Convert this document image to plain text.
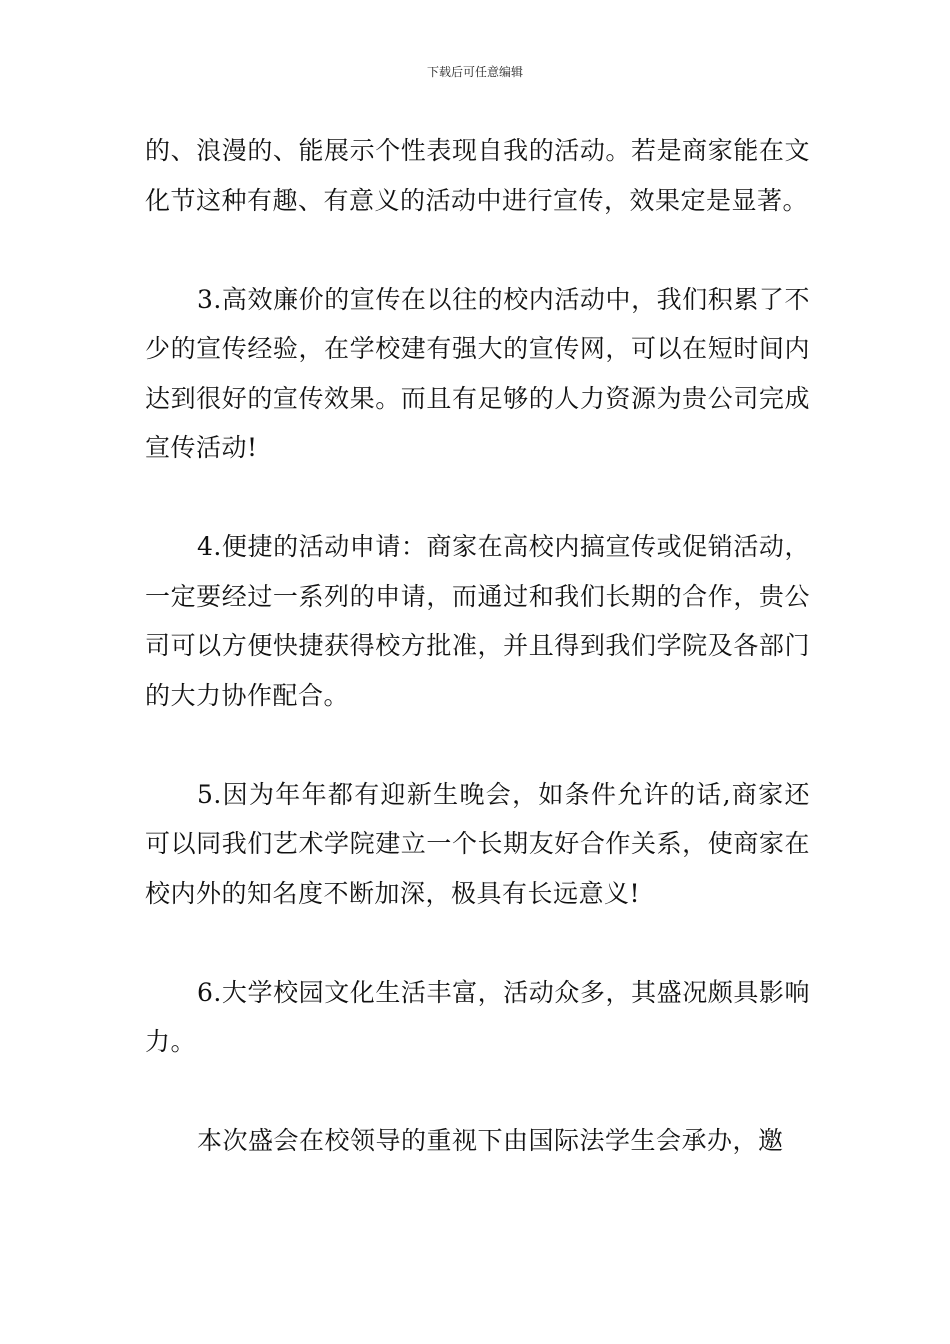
下载后可任意编辑

的、浪漫的、能展示个性表现自我的活动。若是商家能在文化节这种有趣、有意义的活动中进行宣传，效果定是显著。

3.高效廉价的宣传在以往的校内活动中，我们积累了不少的宣传经验，在学校建有强大的宣传网，可以在短时间内达到很好的宣传效果。而且有足够的人力资源为贵公司完成宣传活动!

4.便捷的活动申请：商家在高校内搞宣传或促销活动，一定要经过一系列的申请，而通过和我们长期的合作，贵公司可以方便快捷获得校方批准，并且得到我们学院及各部门的大力协作配合。

5.因为年年都有迎新生晚会，如条件允许的话,商家还可以同我们艺术学院建立一个长期友好合作关系，使商家在校内外的知名度不断加深，极具有长远意义!

6.大学校园文化生活丰富，活动众多，其盛况颇具影响力。

本次盛会在校领导的重视下由国际法学生会承办，邀
